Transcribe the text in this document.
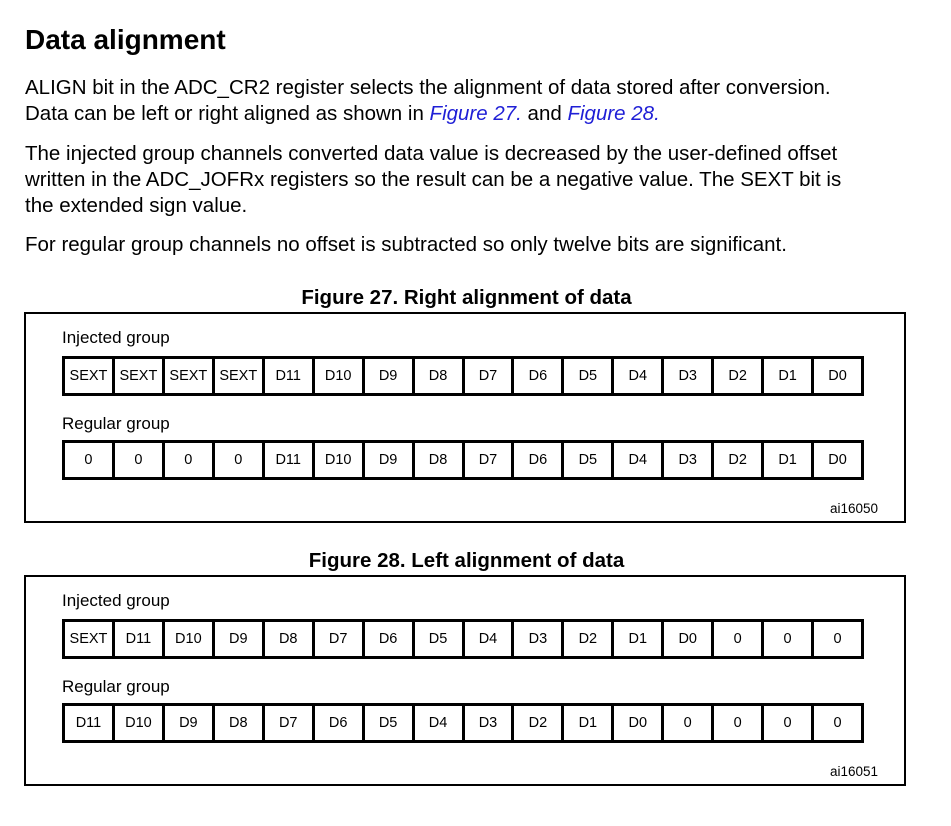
Data alignment

ALIGN bit in the ADC_CR2 register selects the alignment of data stored after conversion.
Data can be left or right aligned as shown in Figure 27. and Figure 28.

The injected group channels converted data value is decreased by the user-defined offset
written in the ADC_JOFRx registers so the result can be a negative value. The SEXT bit is
the extended sign value.

For regular group channels no offset is subtracted so only twelve bits are significant.

Figure 27. Right alignment of data

Injected group
SEXT SEXT SEXT SEXT	D11	D10	D9	D8	D7	D6	D5	D4	D3	D2	D1	D0
Regular group
0	0	0	0	D11	D10	D9	D8	D7	D6	D5	D4	D3	D2	D1	D0
ai16050

Figure 28. Left alignment of data

Injected group
SEXT	D11	D10	D9	D8	D7	D6	D5	D4	D3	D2	D1	D0	0	0	0
Regular group
D11	D10	D9	D8	D7	D6	D5	D4	D3	D2	D1	D0	0	0	0	0
ai16051
